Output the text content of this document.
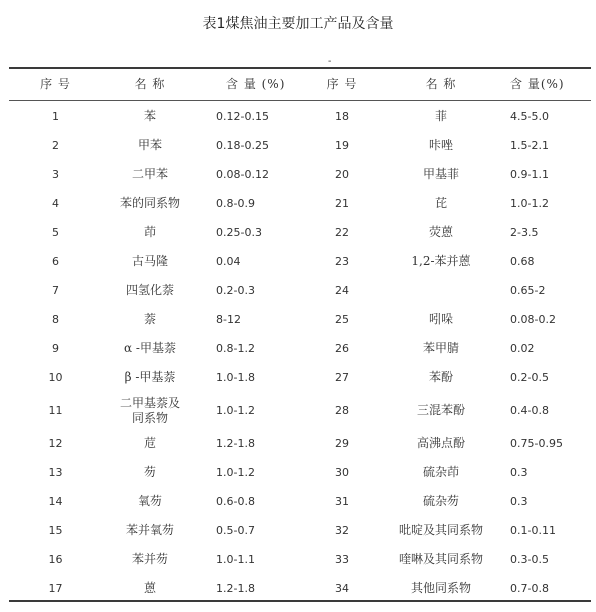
表1煤焦油主要加工产品及含量
-
序 号	名 称	含 量 (%)	序 号	名 称	含 量(%)
1	苯	0.12-0.15	18	菲	4.5-5.0
2	甲苯	0.18-0.25	19	咔唑	1.5-2.1
3	二甲苯	0.08-0.12	20	甲基菲	0.9-1.1
4	苯的同系物	0.8-0.9	21	芘	1.0-1.2
5	茚	0.25-0.3	22	荧蒽	2-3.5
6	古马隆	0.04	23	1,2-苯并蒽	0.68
7	四氢化萘	0.2-0.3	24		0.65-2
8	萘	8-12	25	吲哚	0.08-0.2
9	α -甲基萘	0.8-1.2	26	苯甲腈	0.02
10	β -甲基萘	1.0-1.8	27	苯酚	0.2-0.5
11	二甲基萘及同系物	1.0-1.2	28	三混苯酚	0.4-0.8
12	苊	1.2-1.8	29	高沸点酚	0.75-0.95
13	芴	1.0-1.2	30	硫杂茚	0.3
14	氧芴	0.6-0.8	31	硫杂芴	0.3
15	苯并氧芴	0.5-0.7	32	吡啶及其同系物	0.1-0.11
16	苯并芴	1.0-1.1	33	喹啉及其同系物	0.3-0.5
17	蒽	1.2-1.8	34	其他同系物	0.7-0.8
